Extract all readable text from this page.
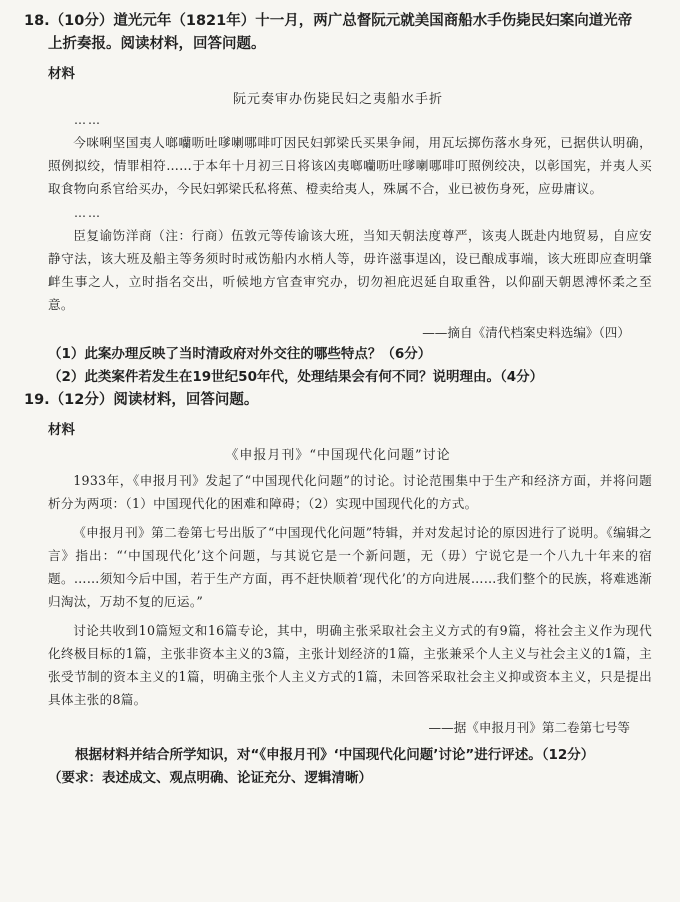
18.（10分）道光元年（1821年）十一月，两广总督阮元就美国商船水手伤毙民妇案向道光帝
上折奏报。阅读材料，回答问题。

材料
阮元奏审办伤毙民妇之夷船水手折
……

今咪唎坚国夷人啷囒呖吐嗲喇哪啡叮因民妇郭梁氏买果争闹，用瓦坛掷伤落水身死，已据供认明确，照例拟绞，情罪相符……于本年十月初三日将该凶夷啷囒呖吐嗲喇哪啡叮照例绞决，以彰国宪，并夷人买取食物向系官给买办，今民妇郭梁氏私将蕉、橙卖给夷人，殊属不合，业已被伤身死，应毋庸议。

……

臣复谕饬洋商（注：行商）伍敦元等传谕该大班，当知天朝法度尊严，该夷人既赴内地贸易，自应安静守法，该大班及船主等务须时时戒饬船内水梢人等，毋许滋事逞凶，设已酿成事端，该大班即应查明肇衅生事之人，立时指名交出，听候地方官查审究办，切勿袒庇迟延自取重咎，以仰副天朝恩溥怀柔之至意。

——摘自《清代档案史料选编》（四）

（1）此案办理反映了当时清政府对外交往的哪些特点？（6分）

（2）此类案件若发生在19世纪50年代，处理结果会有何不同？说明理由。（4分）

19.（12分）阅读材料，回答问题。

材料
《申报月刊》“中国现代化问题”讨论

1933年，《申报月刊》发起了“中国现代化问题”的讨论。讨论范围集中于生产和经济方面，并将问题析分为两项：（1）中国现代化的困难和障碍；（2）实现中国现代化的方式。

《申报月刊》第二卷第七号出版了“中国现代化问题”特辑，并对发起讨论的原因进行了说明。《编辑之言》指出：“‘中国现代化’这个问题，与其说它是一个新问题，无（毋）宁说它是一个八九十年来的宿题。……须知今后中国，若于生产方面，再不赶快顺着‘现代化’的方向进展……我们整个的民族，将难逃渐归淘汰，万劫不复的厄运。”

讨论共收到10篇短文和16篇专论，其中，明确主张采取社会主义方式的有9篇，将社会主义作为现代化终极目标的1篇，主张非资本主义的3篇，主张计划经济的1篇，主张兼采个人主义与社会主义的1篇，主张受节制的资本主义的1篇，明确主张个人主义方式的1篇，未回答采取社会主义抑或资本主义，只是提出具体主张的8篇。

——据《申报月刊》第二卷第七号等

根据材料并结合所学知识，对“《申报月刊》‘中国现代化问题’讨论”进行评述。（12分）

（要求：表述成文、观点明确、论证充分、逻辑清晰）
